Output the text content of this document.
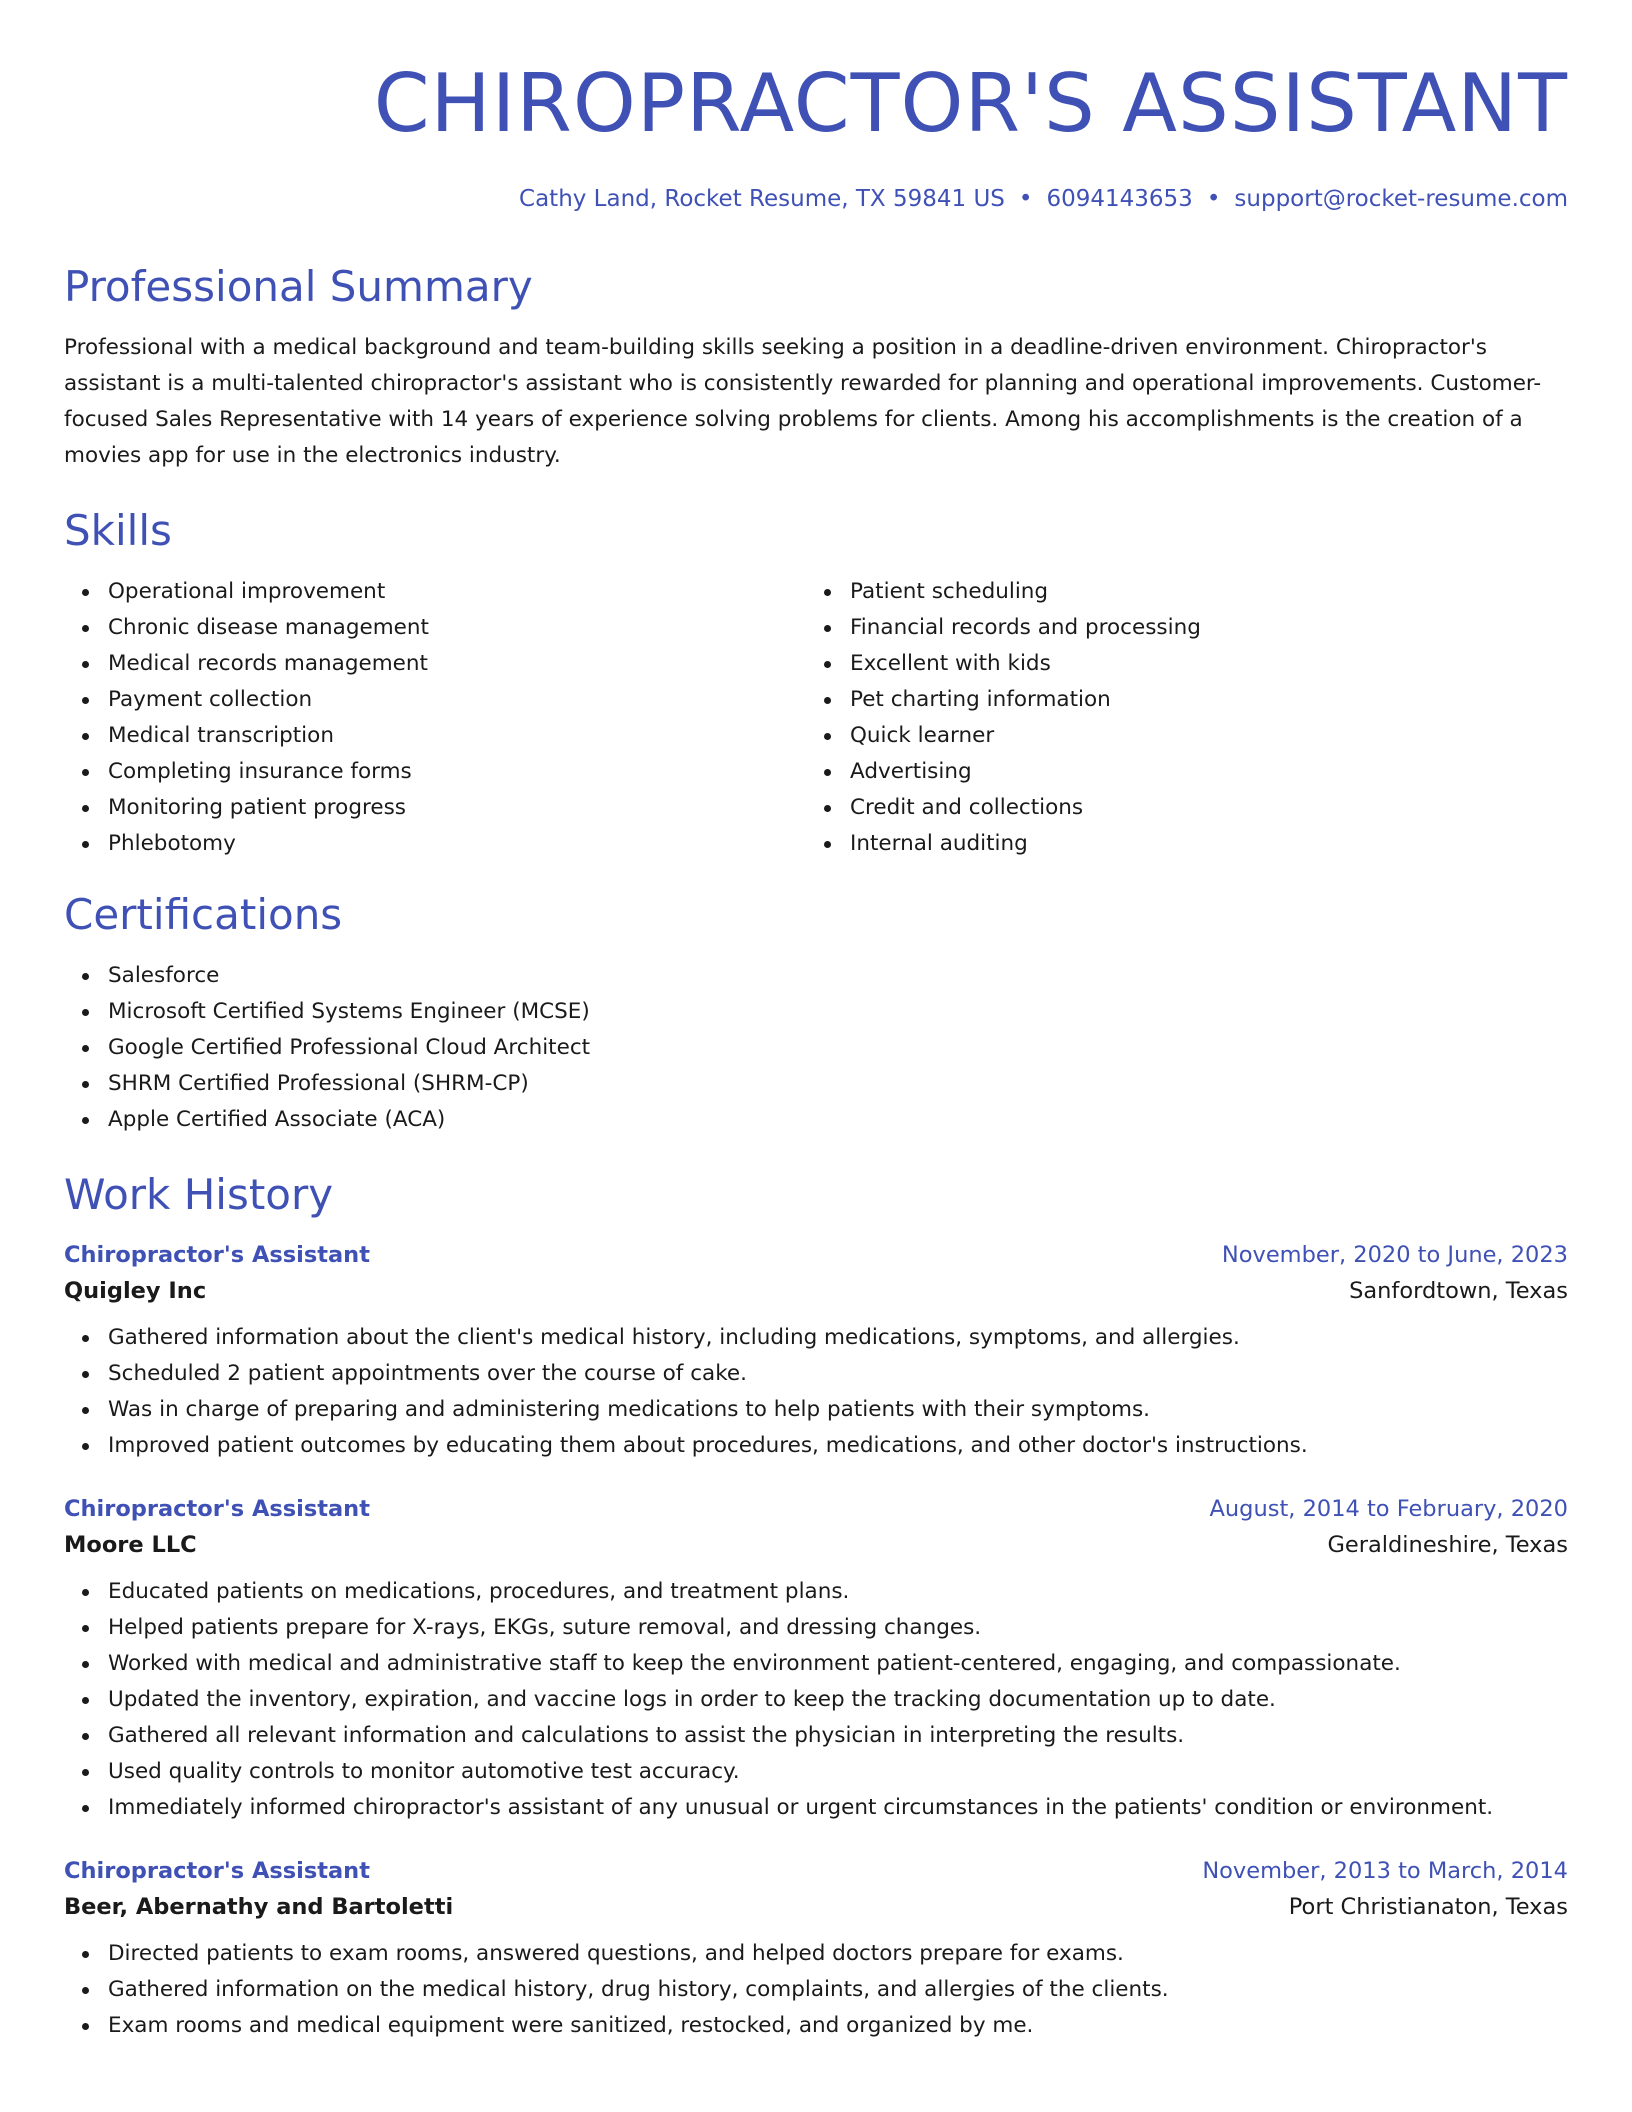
CHIROPRACTOR'S ASSISTANT
Cathy Land, Rocket Resume, TX 59841 US • 6094143653 • support@rocket-resume.com
Professional Summary
Professional with a medical background and team-building skills seeking a position in a deadline-driven environment. Chiropractor's assistant is a multi-talented chiropractor's assistant who is consistently rewarded for planning and operational improvements. Customer-focused Sales Representative with 14 years of experience solving problems for clients. Among his accomplishments is the creation of a movies app for use in the electronics industry.
Skills
Operational improvement
Chronic disease management
Medical records management
Payment collection
Medical transcription
Completing insurance forms
Monitoring patient progress
Phlebotomy
Patient scheduling
Financial records and processing
Excellent with kids
Pet charting information
Quick learner
Advertising
Credit and collections
Internal auditing
Certifications
Salesforce
Microsoft Certified Systems Engineer (MCSE)
Google Certified Professional Cloud Architect
SHRM Certified Professional (SHRM-CP)
Apple Certified Associate (ACA)
Work History
Chiropractor's Assistant	November, 2020 to June, 2023
Quigley Inc	Sanfordtown, Texas
Gathered information about the client's medical history, including medications, symptoms, and allergies.
Scheduled 2 patient appointments over the course of cake.
Was in charge of preparing and administering medications to help patients with their symptoms.
Improved patient outcomes by educating them about procedures, medications, and other doctor's instructions.
Chiropractor's Assistant	August, 2014 to February, 2020
Moore LLC	Geraldineshire, Texas
Educated patients on medications, procedures, and treatment plans.
Helped patients prepare for X-rays, EKGs, suture removal, and dressing changes.
Worked with medical and administrative staff to keep the environment patient-centered, engaging, and compassionate.
Updated the inventory, expiration, and vaccine logs in order to keep the tracking documentation up to date.
Gathered all relevant information and calculations to assist the physician in interpreting the results.
Used quality controls to monitor automotive test accuracy.
Immediately informed chiropractor's assistant of any unusual or urgent circumstances in the patients' condition or environment.
Chiropractor's Assistant	November, 2013 to March, 2014
Beer, Abernathy and Bartoletti	Port Christianaton, Texas
Directed patients to exam rooms, answered questions, and helped doctors prepare for exams.
Gathered information on the medical history, drug history, complaints, and allergies of the clients.
Exam rooms and medical equipment were sanitized, restocked, and organized by me.
